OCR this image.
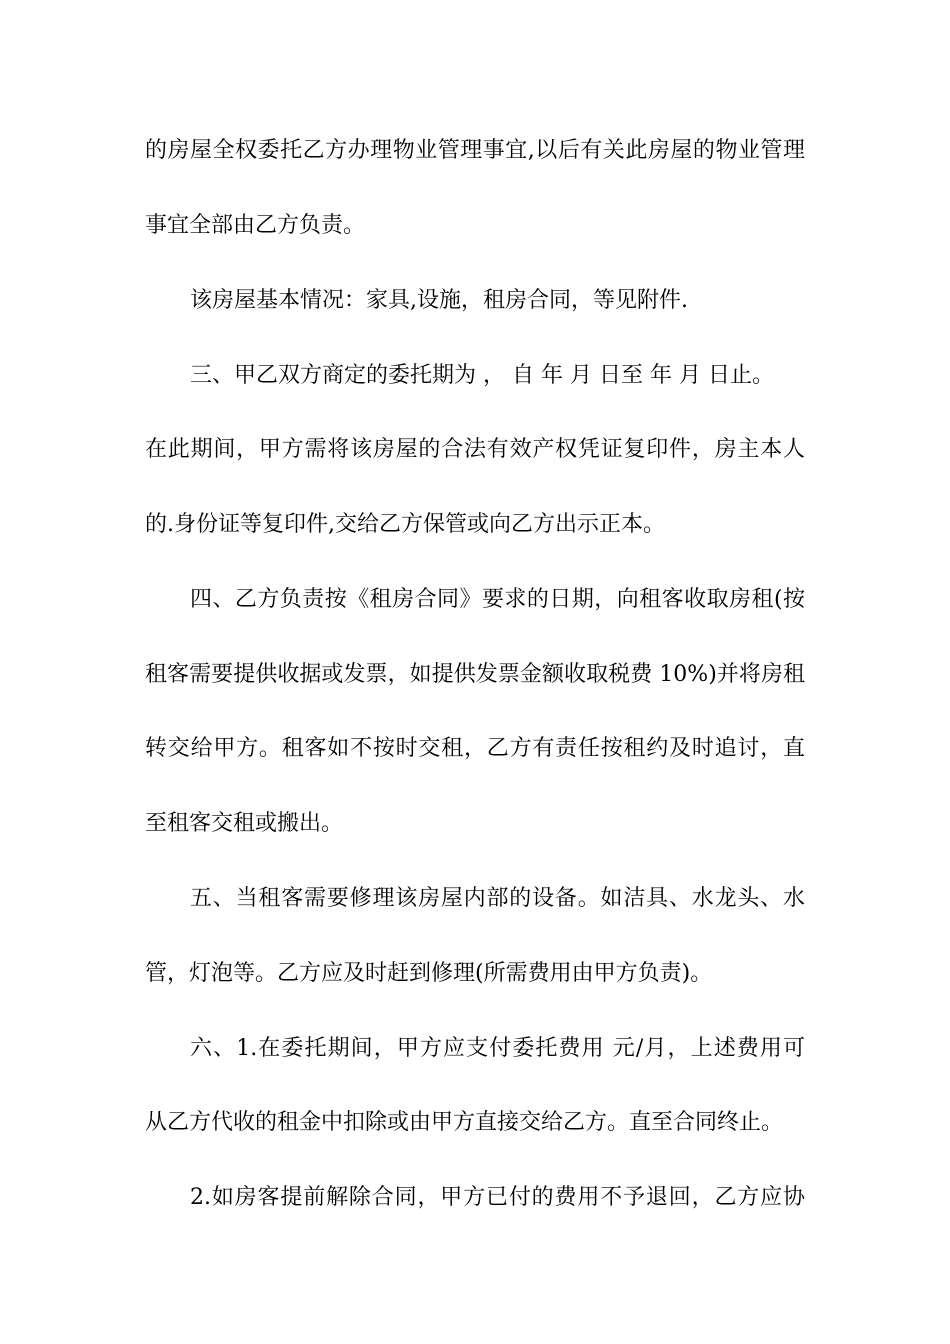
的房屋全权委托乙方办理物业管理事宜,以后有关此房屋的物业管理
事宜全部由乙方负责。
该房屋基本情况：家具,设施，租房合同，等见附件.
三、甲乙双方商定的委托期为 ， 自 年 月 日至 年 月 日止。
在此期间，甲方需将该房屋的合法有效产权凭证复印件，房主本人
的.身份证等复印件,交给乙方保管或向乙方出示正本。
四、乙方负责按《租房合同》要求的日期，向租客收取房租(按
租客需要提供收据或发票，如提供发票金额收取税费 10%)并将房租
转交给甲方。租客如不按时交租，乙方有责任按租约及时追讨，直
至租客交租或搬出。
五、当租客需要修理该房屋内部的设备。如洁具、水龙头、水
管，灯泡等。乙方应及时赶到修理(所需费用由甲方负责)。
六、1.在委托期间，甲方应支付委托费用 元/月，上述费用可
从乙方代收的租金中扣除或由甲方直接交给乙方。直至合同终止。
2.如房客提前解除合同，甲方已付的费用不予退回，乙方应协
